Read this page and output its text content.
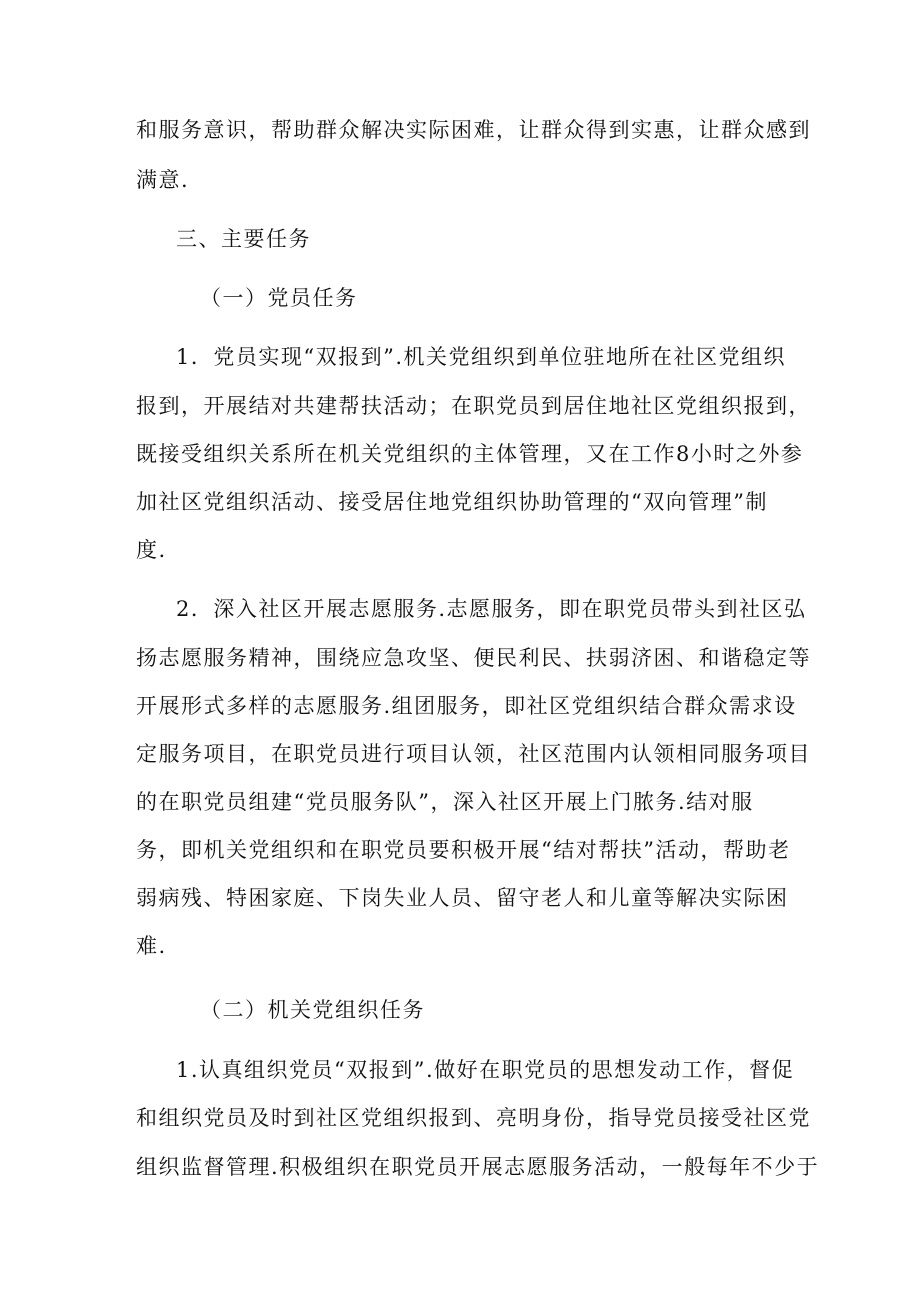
和服务意识，帮助群众解决实际困难，让群众得到实惠，让群众感到
满意.
三、主要任务
（一）党员任务
1．党员实现“双报到”.机关党组织到单位驻地所在社区党组织
报到，开展结对共建帮扶活动；在职党员到居住地社区党组织报到，
既接受组织关系所在机关党组织的主体管理，又在工作8小时之外参
加社区党组织活动、接受居住地党组织协助管理的“双向管理”制
度.
2．深入社区开展志愿服务.志愿服务，即在职党员带头到社区弘
扬志愿服务精神，围绕应急攻坚、便民利民、扶弱济困、和谐稳定等
开展形式多样的志愿服务.组团服务，即社区党组织结合群众需求设
定服务项目，在职党员进行项目认领，社区范围内认领相同服务项目
的在职党员组建“党员服务队”，深入社区开展上门脓务.结对服
务，即机关党组织和在职党员要积极开展“结对帮扶”活动，帮助老
弱病残、特困家庭、下岗失业人员、留守老人和儿童等解决实际困
难.
（二）机关党组织任务
1.认真组织党员“双报到”.做好在职党员的思想发动工作，督促
和组织党员及时到社区党组织报到、亮明身份，指导党员接受社区党
组织监督管理.积极组织在职党员开展志愿服务活动，一般每年不少于
